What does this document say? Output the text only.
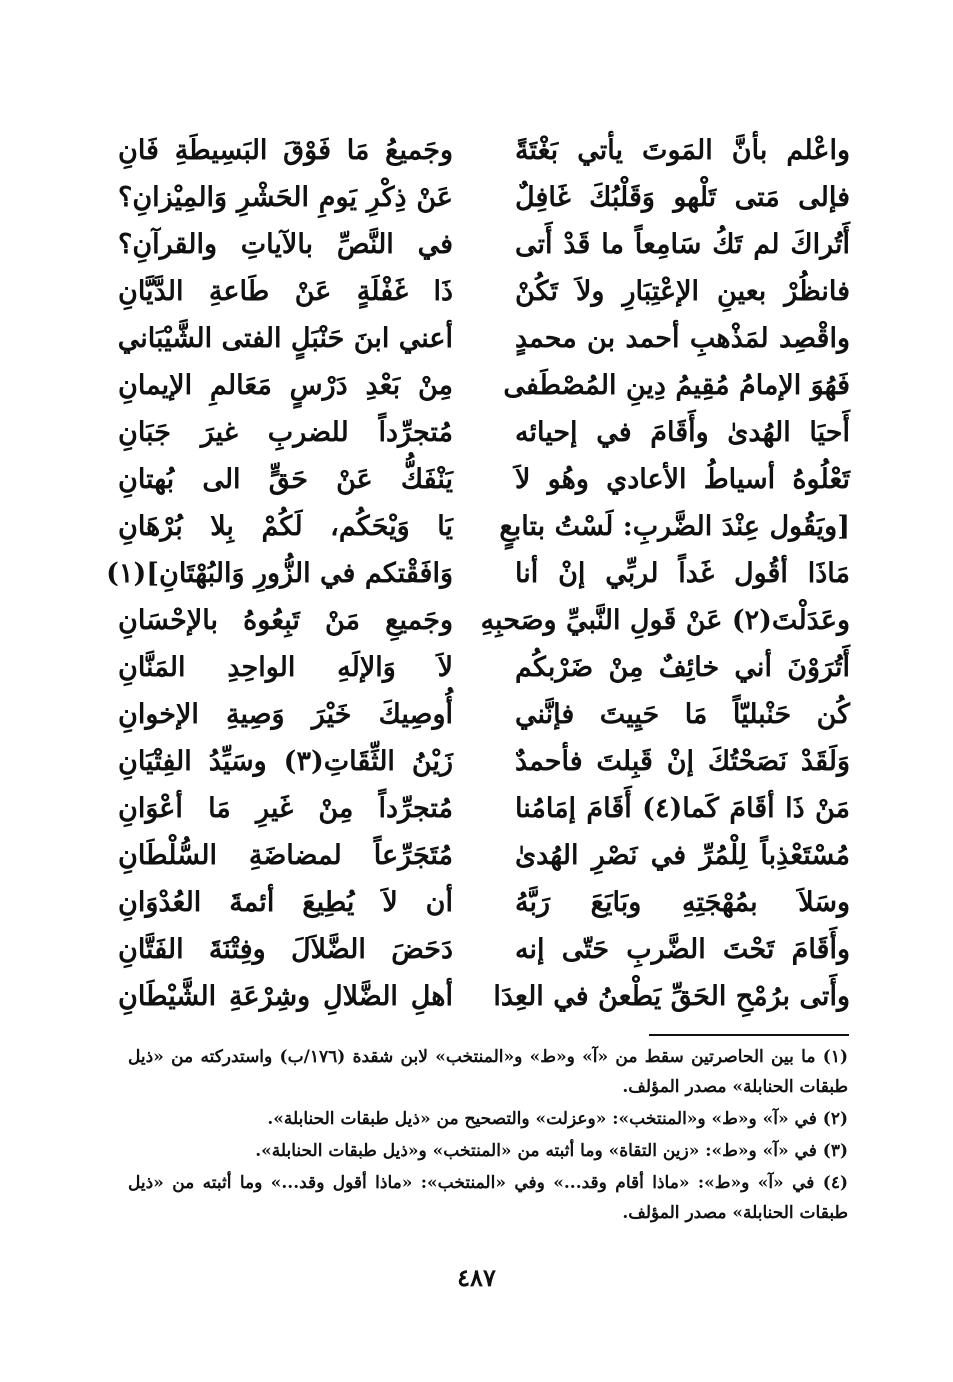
واعْلم بأنَّ المَوتَ يأتي بَغْتَةً
وجَميعُ مَا فَوْقَ البَسِيطَةِ فَانِ
فإلى مَتى تَلْهو وَقَلْبُكَ غَافِلٌ
عَنْ ذِكْرِ يَومِ الحَشْرِ وَالمِيْزانِ؟
أَتُراكَ لم تَكُ سَامِعاً ما قَدْ أَتى
في النَّصِّ بالآياتِ والقرآنِ؟
فانظُرْ بعينِ الإعْتِبَارِ ولاَ تَكُنْ
ذَا غَفْلَةٍ عَنْ طَاعةِ الدَّيَّانِ
واقْصِد لمَذْهبِ أحمد بن محمدٍ
أعني ابنَ حَنْبَلٍ الفتى الشَّيْبَاني
فَهُوَ الإمامُ مُقِيمُ دِينِ المُصْطَفى
مِنْ بَعْدِ دَرْسٍ مَعَالمِ الإيمانِ
أَحيَا الهُدىٰ وأَقَامَ في إحيائه
مُتجرِّداً للضربِ غيرَ جَبَانِ
تَعْلُوهُ أسياطُ الأعادي وهُو لاَ
يَنْفَكُّ عَنْ حَقٍّ الى بُهتانِ
[ويَقُول عِنْدَ الضَّربِ: لَسْتُ بتابعٍ
يَا وَيْحَكُم، لَكُمْ بِلا بُرْهَانِ
مَاذَا أقُول غَداً لربِّي إنْ أنا
وَافَقْتكم في الزُّورِ وَالبُهْتَانِ](١)
وعَدَلْتَ(٢) عَنْ قَولِ النَّبيِّ وصَحبِهِ
وجَميعِ مَنْ تَبِعُوهُ بالإحْسَانِ
أَتُرَوْنَ أني خائِفٌ مِنْ ضَرْبكُم
لاَ وَالإلَهِ الواحِدِ المَنَّانِ
كُن حَنْبليّاً مَا حَيِيتَ فإنَّني
أُوصِيكَ خَيْرَ وَصِيةِ الإخوانِ
وَلَقَدْ نَصَحْتُكَ إنْ قَبِلتَ فأحمدٌ
زَيْنُ الثِّقَاتِ(٣) وسَيِّدُ الفِتْيَانِ
مَنْ ذَا أقَامَ كَما(٤) أَقَامَ إمَامُنا
مُتجرِّداً مِنْ غَيرِ مَا أعْوَانِ
مُسْتَعْذِباً لِلْمُرِّ في نَصْرِ الهُدىٰ
مُتَجَرِّعاً لمضاضَةِ السُّلْطَانِ
وسَلاَ بمُهْجَتِهِ وبَايَعَ رَبَّهُ
أن لاَ يُطِيعَ أئمةَ العُدْوَانِ
وأَقَامَ تَحْتَ الضَّربِ حَتّى إنه
دَحَضَ الضَّلاَلَ وفِتْنَةَ الفَتَّانِ
وأَتى برُمْحِ الحَقِّ يَطْعنُ في العِدَا
أهلِ الضَّلالِ وشِرْعَةِ الشَّيْطَانِ

(١) ما بين الحاصرتين سقط من «آ» و«ط» و«المنتخب» لابن شقدة (١٧٦/ب) واستدركته من «ذيل طبقات الحنابلة» مصدر المؤلف.

(٢) في «آ» و«ط» و«المنتخب»: «وعزلت» والتصحيح من «ذيل طبقات الحنابلة».

(٣) في «آ» و«ط»: «زين التقاة» وما أثبته من «المنتخب» و«ذيل طبقات الحنابلة».

(٤) في «آ» و«ط»: «ماذا أقام وقد...» وفي «المنتخب»: «ماذا أقول وقد...» وما أثبته من «ذيل طبقات الحنابلة» مصدر المؤلف.

٤٨٧
